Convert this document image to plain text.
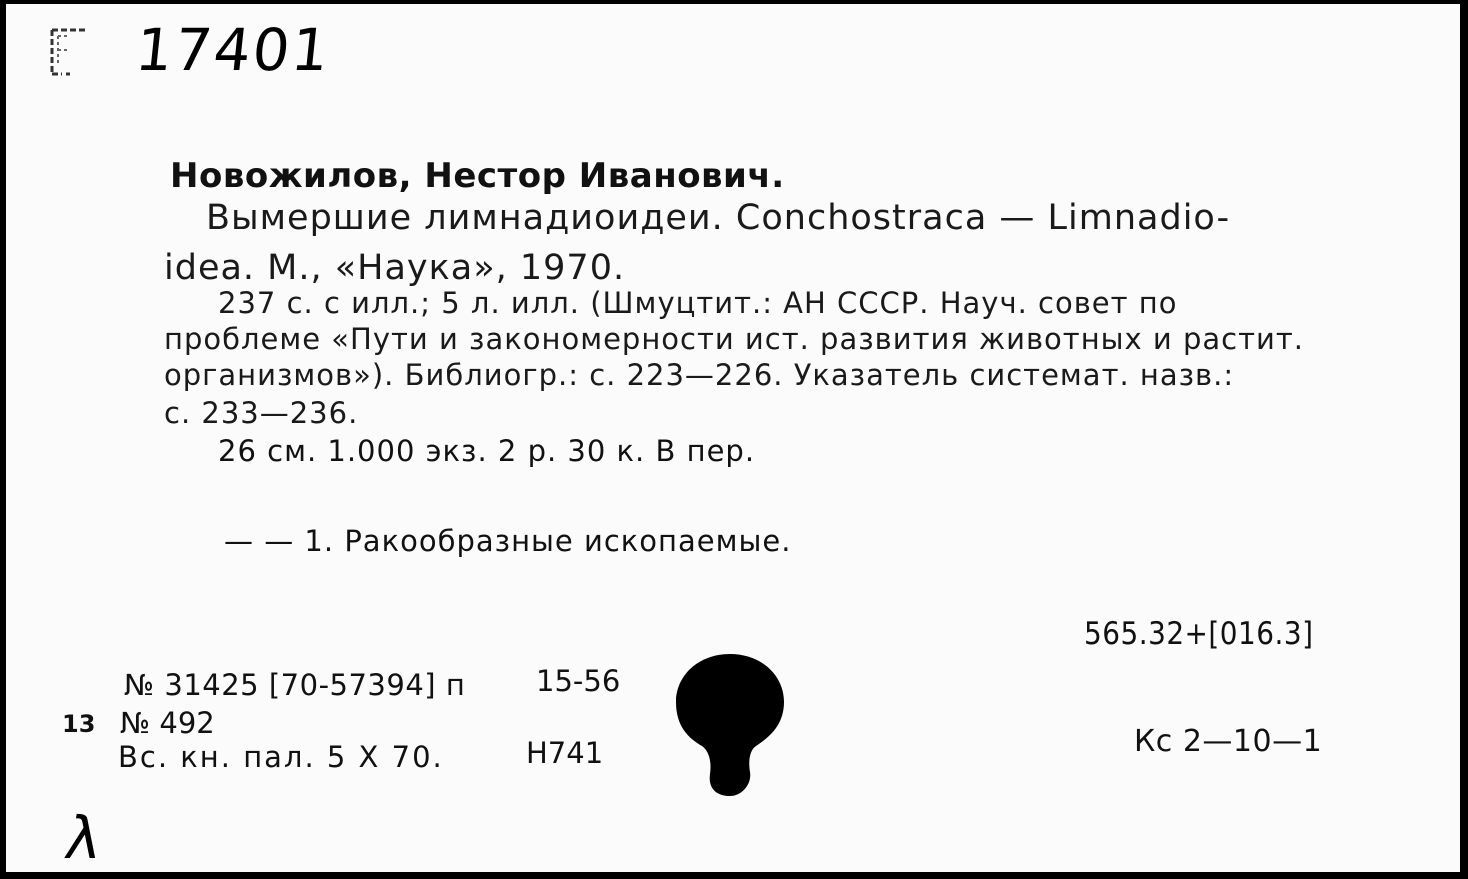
17401
Новожилов, Нестор Иванович.
Вымершие лимнадиоидеи. Conchostraca — Limnadio-
idea. М., «Наука», 1970.
237 с. с илл.; 5 л. илл. (Шмуцтит.: АН СССР. Науч. совет по
проблеме «Пути и закономерности ист. развития животных и растит.
организмов»). Библиогр.: с. 223—226. Указатель системат. назв.:
с. 233—236.
26 см. 1.000 экз. 2 р. 30 к. В пер.
— — 1. Ракообразные ископаемые.
565.32+[016.3]
Кс 2—10—1
№ 31425 [70-57394] п 15-56
13 № 492
Вс. кн. пал. 5 X 70.	Н741
λ
